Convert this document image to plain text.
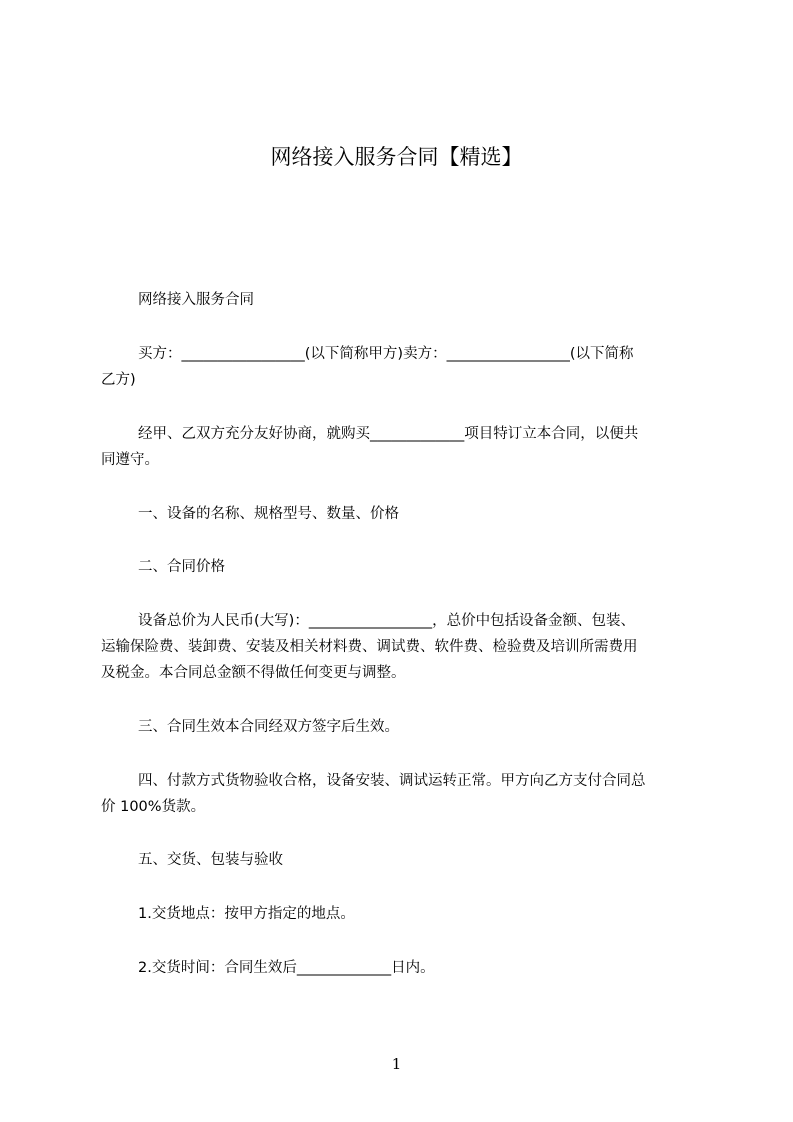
网络接入服务合同【精选】

网络接入服务合同

买方：_________________(以下简称甲方)卖方：_________________(以下简称

乙方)

经甲、乙双方充分友好协商，就购买_____________项目特订立本合同，以便共

同遵守。

一、设备的名称、规格型号、数量、价格

二、合同价格

设备总价为人民币(大写)：_________________，总价中包括设备金额、包装、

运输保险费、装卸费、安装及相关材料费、调试费、软件费、检验费及培训所需费用

及税金。本合同总金额不得做任何变更与调整。

三、合同生效本合同经双方签字后生效。

四、付款方式货物验收合格，设备安装、调试运转正常。甲方向乙方支付合同总

价 100%货款。

五、交货、包装与验收

1.交货地点：按甲方指定的地点。

2.交货时间：合同生效后_____________日内。

1
